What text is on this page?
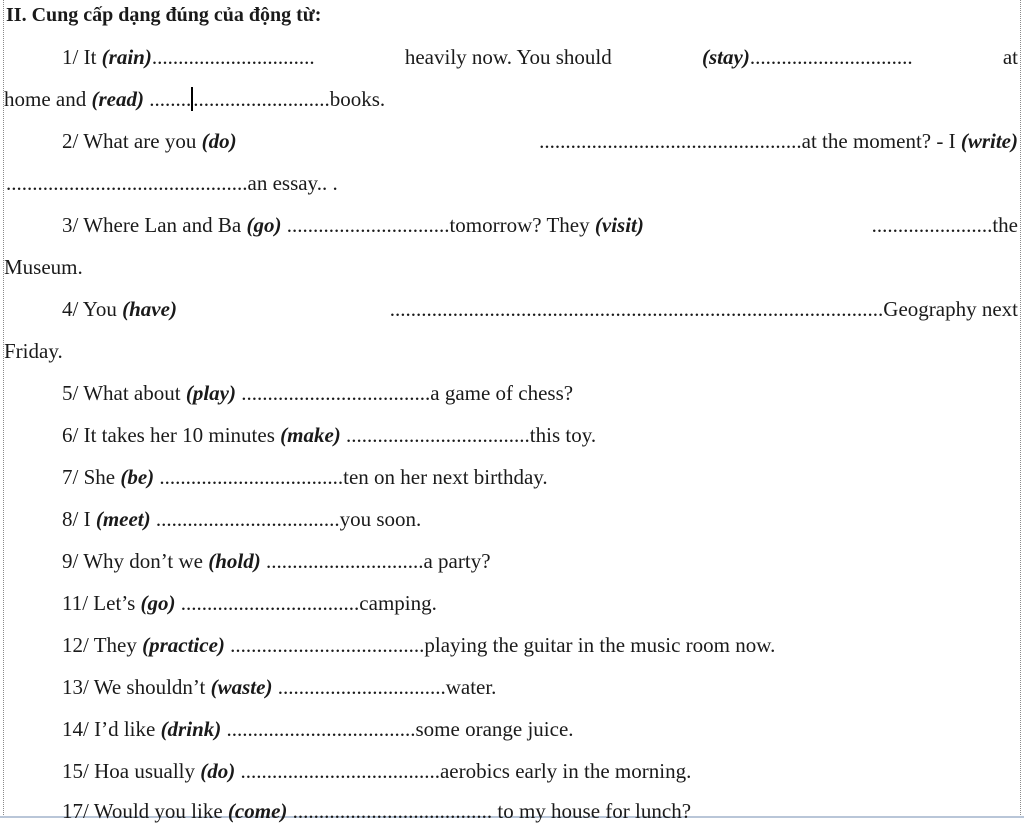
II. Cung cấp dạng đúng của động từ:
1/ It (rain)...............................	heavily now. You should	(stay)...............................	at
home and (read) ..................................books.
2/ What are you (do)	..................................................at the moment? - I (write)
..............................................an essay.. .
3/ Where Lan and Ba (go) ...............................tomorrow? They (visit)	.......................the
Museum.
4/ You (have)	..............................................................................................Geography next
Friday.
5/ What about (play) ....................................a game of chess?
6/ It takes her 10 minutes (make) ...................................this toy.
7/ She (be) ...................................ten on her next birthday.
8/ I (meet) ...................................you soon.
9/ Why don’t we (hold) ..............................a party?
11/ Let’s (go) ..................................camping.
12/ They (practice) .....................................playing the guitar in the music room now.
13/ We shouldn’t (waste) ................................water.
14/ I’d like (drink) ....................................some orange juice.
15/ Hoa usually (do) ......................................aerobics early in the morning.
17/ Would you like (come) ...................................... to my house for lunch?
